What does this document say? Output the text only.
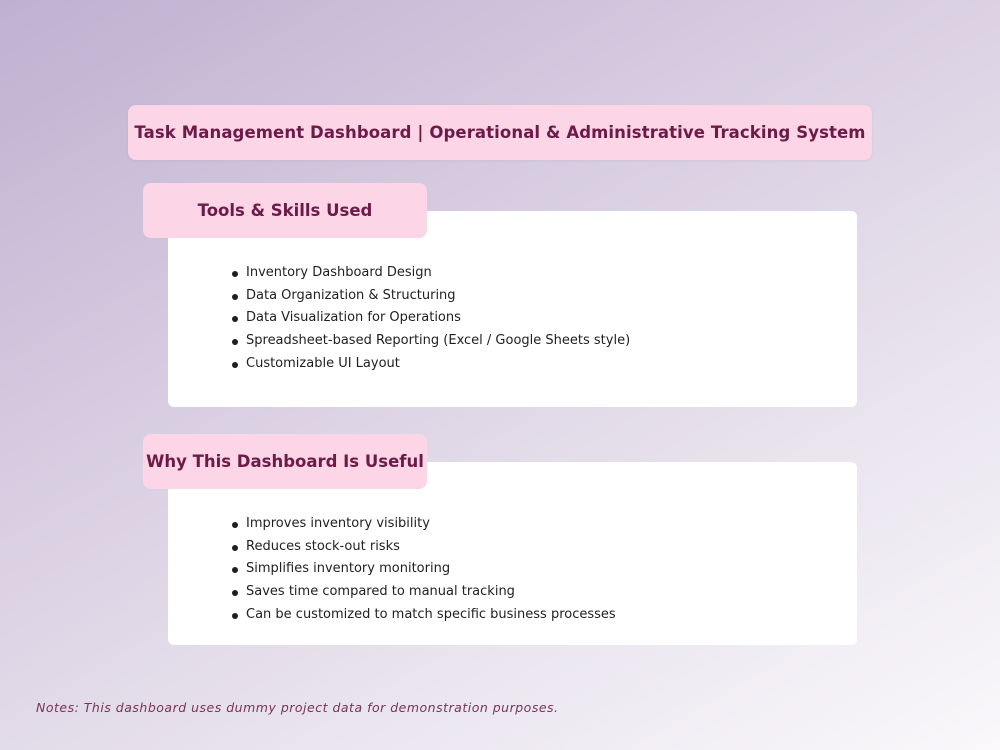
Task Management Dashboard | Operational & Administrative Tracking System
Tools & Skills Used
Inventory Dashboard Design
Data Organization & Structuring
Data Visualization for Operations
Spreadsheet-based Reporting (Excel / Google Sheets style)
Customizable UI Layout
Why This Dashboard Is Useful
Improves inventory visibility
Reduces stock-out risks
Simplifies inventory monitoring
Saves time compared to manual tracking
Can be customized to match specific business processes
Notes: This dashboard uses dummy project data for demonstration purposes.
